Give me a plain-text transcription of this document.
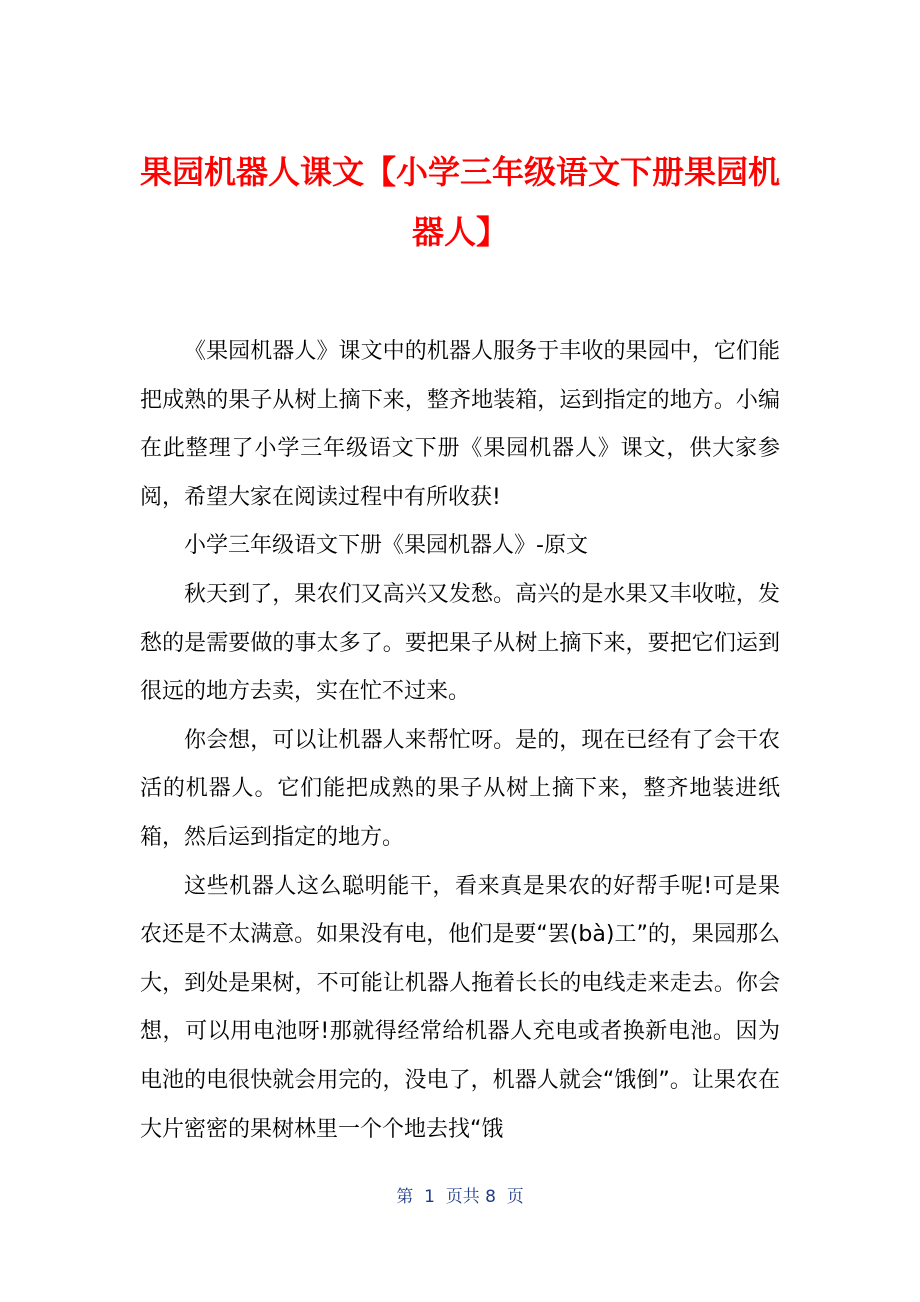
果园机器人课文【小学三年级语文下册果园机器人】

《果园机器人》课文中的机器人服务于丰收的果园中，它们能把成熟的果子从树上摘下来，整齐地装箱，运到指定的地方。小编在此整理了小学三年级语文下册《果园机器人》课文，供大家参阅，希望大家在阅读过程中有所收获!

小学三年级语文下册《果园机器人》-原文

秋天到了，果农们又高兴又发愁。高兴的是水果又丰收啦，发愁的是需要做的事太多了。要把果子从树上摘下来，要把它们运到很远的地方去卖，实在忙不过来。

你会想，可以让机器人来帮忙呀。是的，现在已经有了会干农活的机器人。它们能把成熟的果子从树上摘下来，整齐地装进纸箱，然后运到指定的地方。

这些机器人这么聪明能干，看来真是果农的好帮手呢!可是果农还是不太满意。如果没有电，他们是要“罢(bà)工”的，果园那么大，到处是果树，不可能让机器人拖着长长的电线走来走去。你会想，可以用电池呀!那就得经常给机器人充电或者换新电池。因为电池的电很快就会用完的，没电了，机器人就会“饿倒”。让果农在大片密密的果树林里一个个地去找“饿

第  1  页共 8  页
